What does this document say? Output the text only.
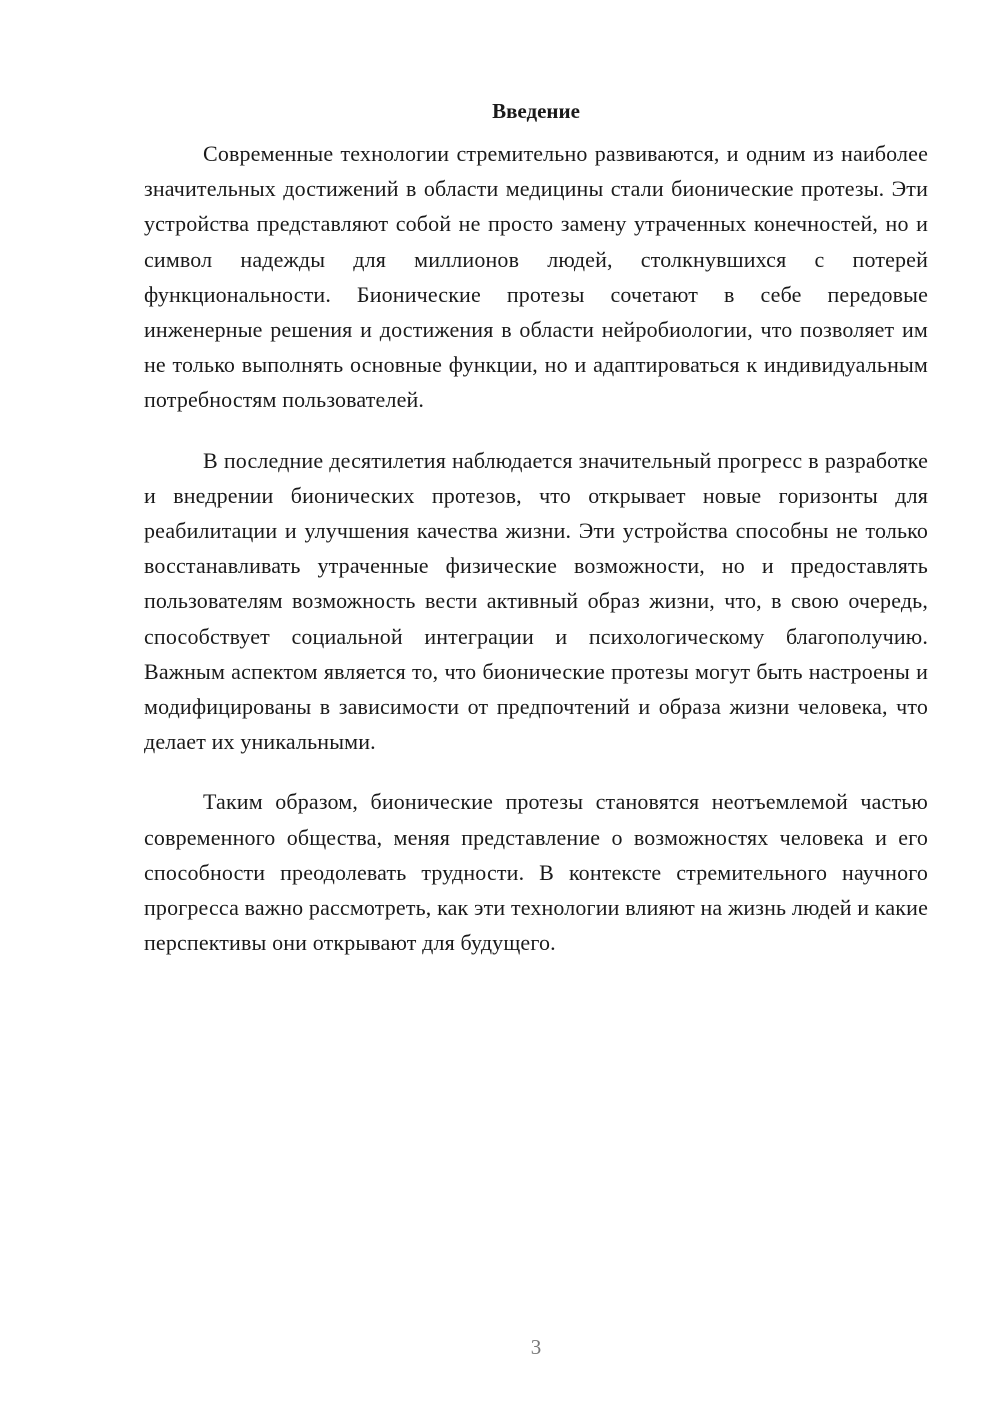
Введение

Современные технологии стремительно развиваются, и одним из наиболее значительных достижений в области медицины стали бионические протезы. Эти устройства представляют собой не просто замену утраченных конечностей, но и символ надежды для миллионов людей, столкнувшихся с потерей функциональности. Бионические протезы сочетают в себе передовые инженерные решения и достижения в области нейробиологии, что позволяет им не только выполнять основные функции, но и адаптироваться к индивидуальным потребностям пользователей.

В последние десятилетия наблюдается значительный прогресс в разработке и внедрении бионических протезов, что открывает новые горизонты для реабилитации и улучшения качества жизни. Эти устройства способны не только восстанавливать утраченные физические возможности, но и предоставлять пользователям возможность вести активный образ жизни, что, в свою очередь, способствует социальной интеграции и психологическому благополучию. Важным аспектом является то, что бионические протезы могут быть настроены и модифицированы в зависимости от предпочтений и образа жизни человека, что делает их уникальными.

Таким образом, бионические протезы становятся неотъемлемой частью современного общества, меняя представление о возможностях человека и его способности преодолевать трудности. В контексте стремительного научного прогресса важно рассмотреть, как эти технологии влияют на жизнь людей и какие перспективы они открывают для будущего.

3
